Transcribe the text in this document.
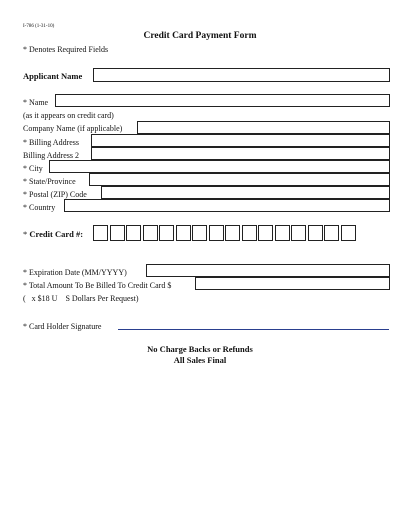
I-786 (1-31-10)
Credit Card Payment Form
* Denotes Required Fields
Applicant Name
* Name
(as it appears on credit card)
Company Name (if applicable)
* Billing Address
Billing Address 2
* City
* State/Province
* Postal (ZIP) Code
* Country
* Credit Card #:
* Expiration Date (MM/YYYY)
* Total Amount To Be Billed To Credit Card $
(   x $18 U    S Dollars Per Request)
* Card Holder Signature
No Charge Backs or Refunds
All Sales Final
